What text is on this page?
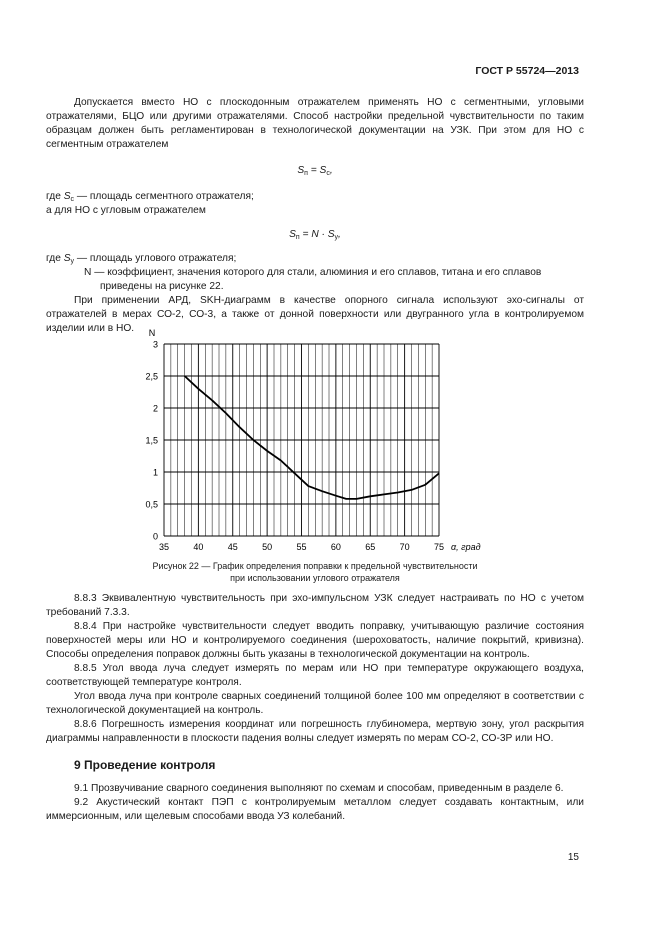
ГОСТ Р 55724—2013

Допускается вместо НО с плоскодонным отражателем применять НО с сегментными, угловыми отражателями, БЦО или другими отражателями. Способ настройки предельной чувствительности по таким образцам должен быть регламентирован в технологической документации на УЗК. При этом для НО с сегментным отражателем

$S_п = S_с$,
где $S_с$ — площадь сегментного отражателя;
а для НО с угловым отражателем
$S_п = N \cdot S_у$,
где $S_у$ — площадь углового отражателя;
N — коэффициент, значения которого для стали, алюминия и его сплавов, титана и его сплавов приведены на рисунке 22.

При применении АРД, SKH-диаграмм в качестве опорного сигнала используют эхо-сигналы от отражателей в мерах СО-2, СО-3, а также от донной поверхности или двугранного угла в контролируемом изделии или в НО.

0
0,5
1
1,5
2
2,5
3
35	40	45	50	55	60	65	70	75
N
α, град
Рисунок 22 — График определения поправки к предельной чувствительности
при использовании углового отражателя

8.8.3 Эквивалентную чувствительность при эхо-импульсном УЗК следует настраивать по НО с учетом требований 7.3.3.

8.8.4 При настройке чувствительности следует вводить поправку, учитывающую различие состояния поверхностей меры или НО и контролируемого соединения (шероховатость, наличие покрытий, кривизна). Способы определения поправок должны быть указаны в технологической документации на контроль.

8.8.5 Угол ввода луча следует измерять по мерам или НО при температуре окружающего воздуха, соответствующей температуре контроля.

Угол ввода луча при контроле сварных соединений толщиной более 100 мм определяют в соответствии с технологической документацией на контроль.

8.8.6 Погрешность измерения координат или погрешность глубиномера, мертвую зону, угол раскрытия диаграммы направленности в плоскости падения волны следует измерять по мерам СО-2, СО-3Р или НО.

9 Проведение контроля

9.1 Прозвучивание сварного соединения выполняют по схемам и способам, приведенным в разделе 6.

9.2 Акустический контакт ПЭП с контролируемым металлом следует создавать контактным, или иммерсионным, или щелевым способами ввода УЗ колебаний.

15
